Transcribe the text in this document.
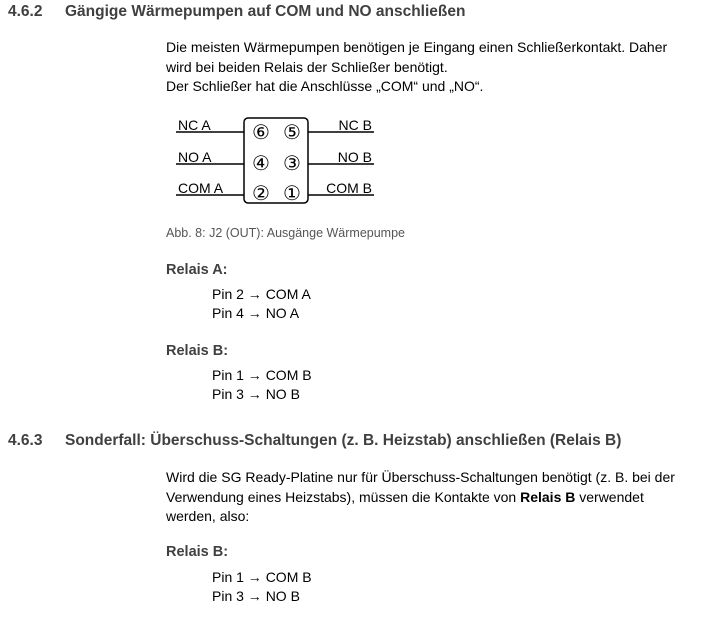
4.6.2 Gängige Wärmepumpen auf COM und NO anschließen
Die meisten Wärmepumpen benötigen je Eingang einen Schließerkontakt. Daher
wird bei beiden Relais der Schließer benötigt.
Der Schließer hat die Anschlüsse „COM“ und „NO“.
NC A
NO A
COM A
NC B
NO B
COM B
⑥ ⑤
④ ③
② ①
Abb. 8: J2 (OUT): Ausgänge Wärmepumpe
Relais A:
Pin 2 → COM A
Pin 4 → NO A
Relais B:
Pin 1 → COM B
Pin 3 → NO B
4.6.3 Sonderfall: Überschuss-Schaltungen (z. B. Heizstab) anschließen (Relais B)
Wird die SG Ready-Platine nur für Überschuss-Schaltungen benötigt (z. B. bei der
Verwendung eines Heizstabs), müssen die Kontakte von Relais B verwendet
werden, also:
Relais B:
Pin 1 → COM B
Pin 3 → NO B
